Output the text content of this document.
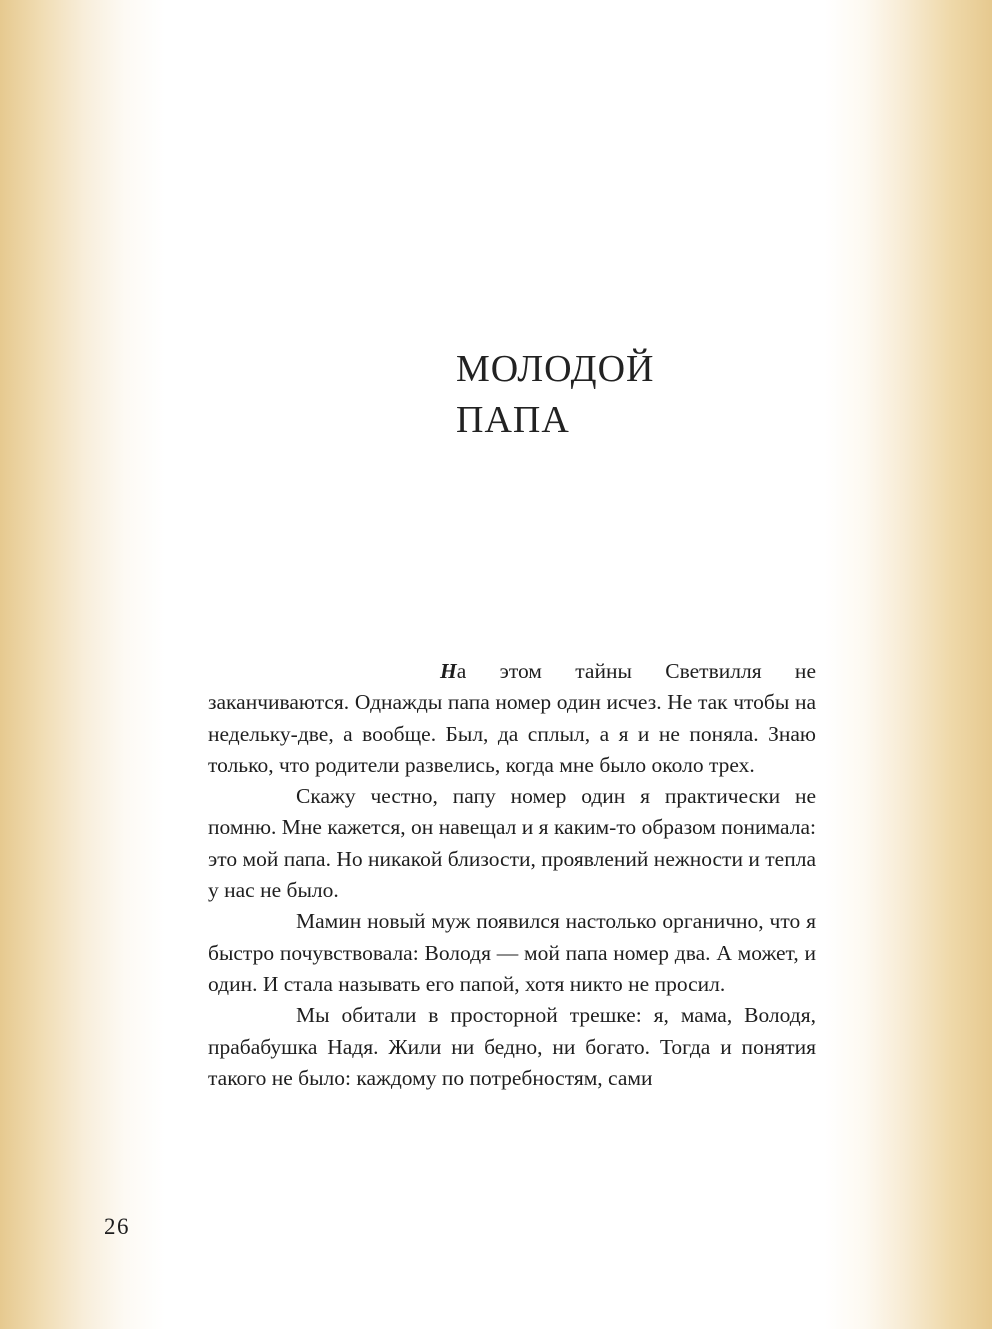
МОЛОДОЙ
ПАПА

На этом тайны Светвилля не заканчиваются. Однажды папа номер один исчез. Не так чтобы на недельку-две, а вообще. Был, да сплыл, а я и не поняла. Знаю только, что родители развелись, когда мне было около трех.

Скажу честно, папу номер один я практически не помню. Мне кажется, он навещал и я каким-то образом понимала: это мой папа. Но никакой близости, проявлений нежности и тепла у нас не было.

Мамин новый муж появился настолько органично, что я быстро почувствовала: Володя — мой папа номер два. А может, и один. И стала называть его папой, хотя никто не просил.

Мы обитали в просторной трешке: я, мама, Володя, прабабушка Надя. Жили ни бедно, ни богато. Тогда и понятия такого не было: каждому по потребностям, сами

26
